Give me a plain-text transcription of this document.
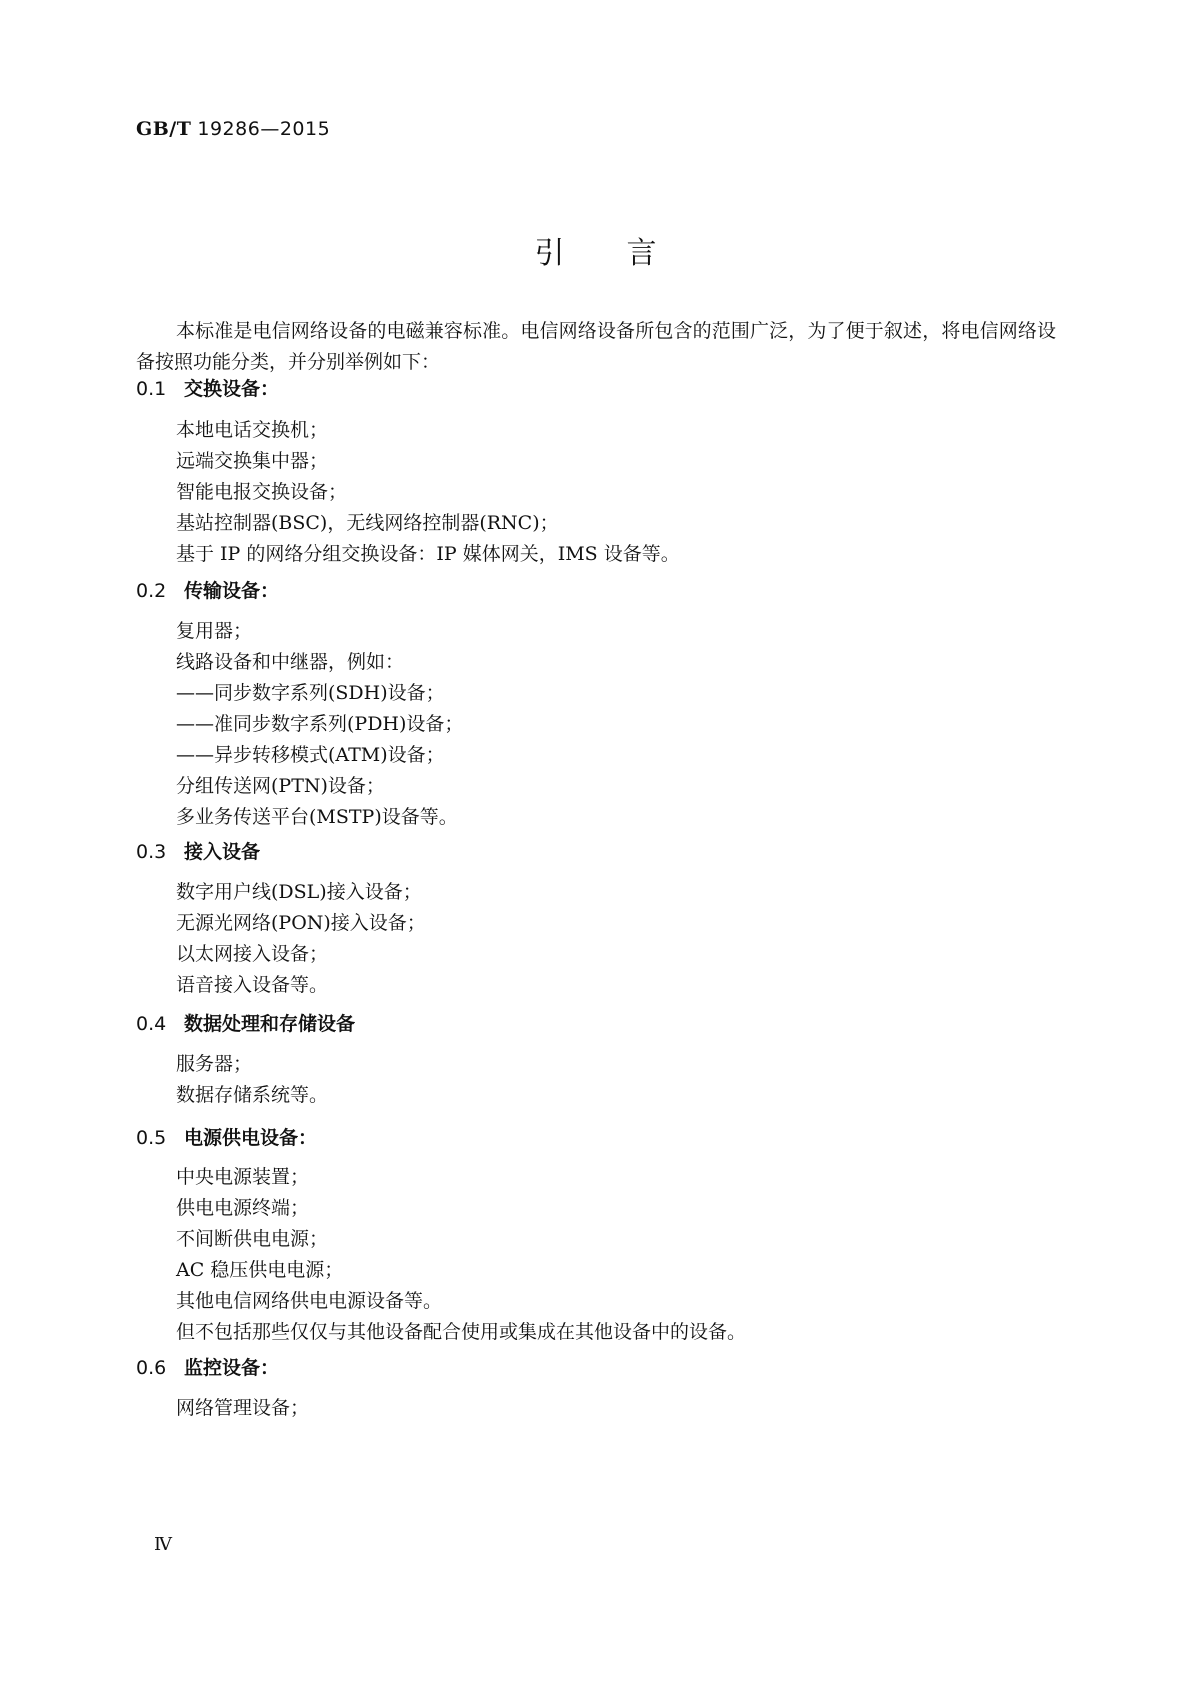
GB/T 19286—2015
引言
本标准是电信网络设备的电磁兼容标准。电信网络设备所包含的范围广泛，为了便于叙述，将电信网络设备按照功能分类，并分别举例如下：
0.1 交换设备：
本地电话交换机；
远端交换集中器；
智能电报交换设备；
基站控制器(BSC)，无线网络控制器(RNC)；
基于 IP 的网络分组交换设备：IP 媒体网关，IMS 设备等。
0.2 传输设备：
复用器；
线路设备和中继器，例如：
——同步数字系列(SDH)设备；
——准同步数字系列(PDH)设备；
——异步转移模式(ATM)设备；
分组传送网(PTN)设备；
多业务传送平台(MSTP)设备等。
0.3 接入设备
数字用户线(DSL)接入设备；
无源光网络(PON)接入设备；
以太网接入设备；
语音接入设备等。
0.4 数据处理和存储设备
服务器；
数据存储系统等。
0.5 电源供电设备：
中央电源装置；
供电电源终端；
不间断供电电源；
AC 稳压供电电源；
其他电信网络供电电源设备等。
但不包括那些仅仅与其他设备配合使用或集成在其他设备中的设备。
0.6 监控设备：
网络管理设备；
Ⅳ
